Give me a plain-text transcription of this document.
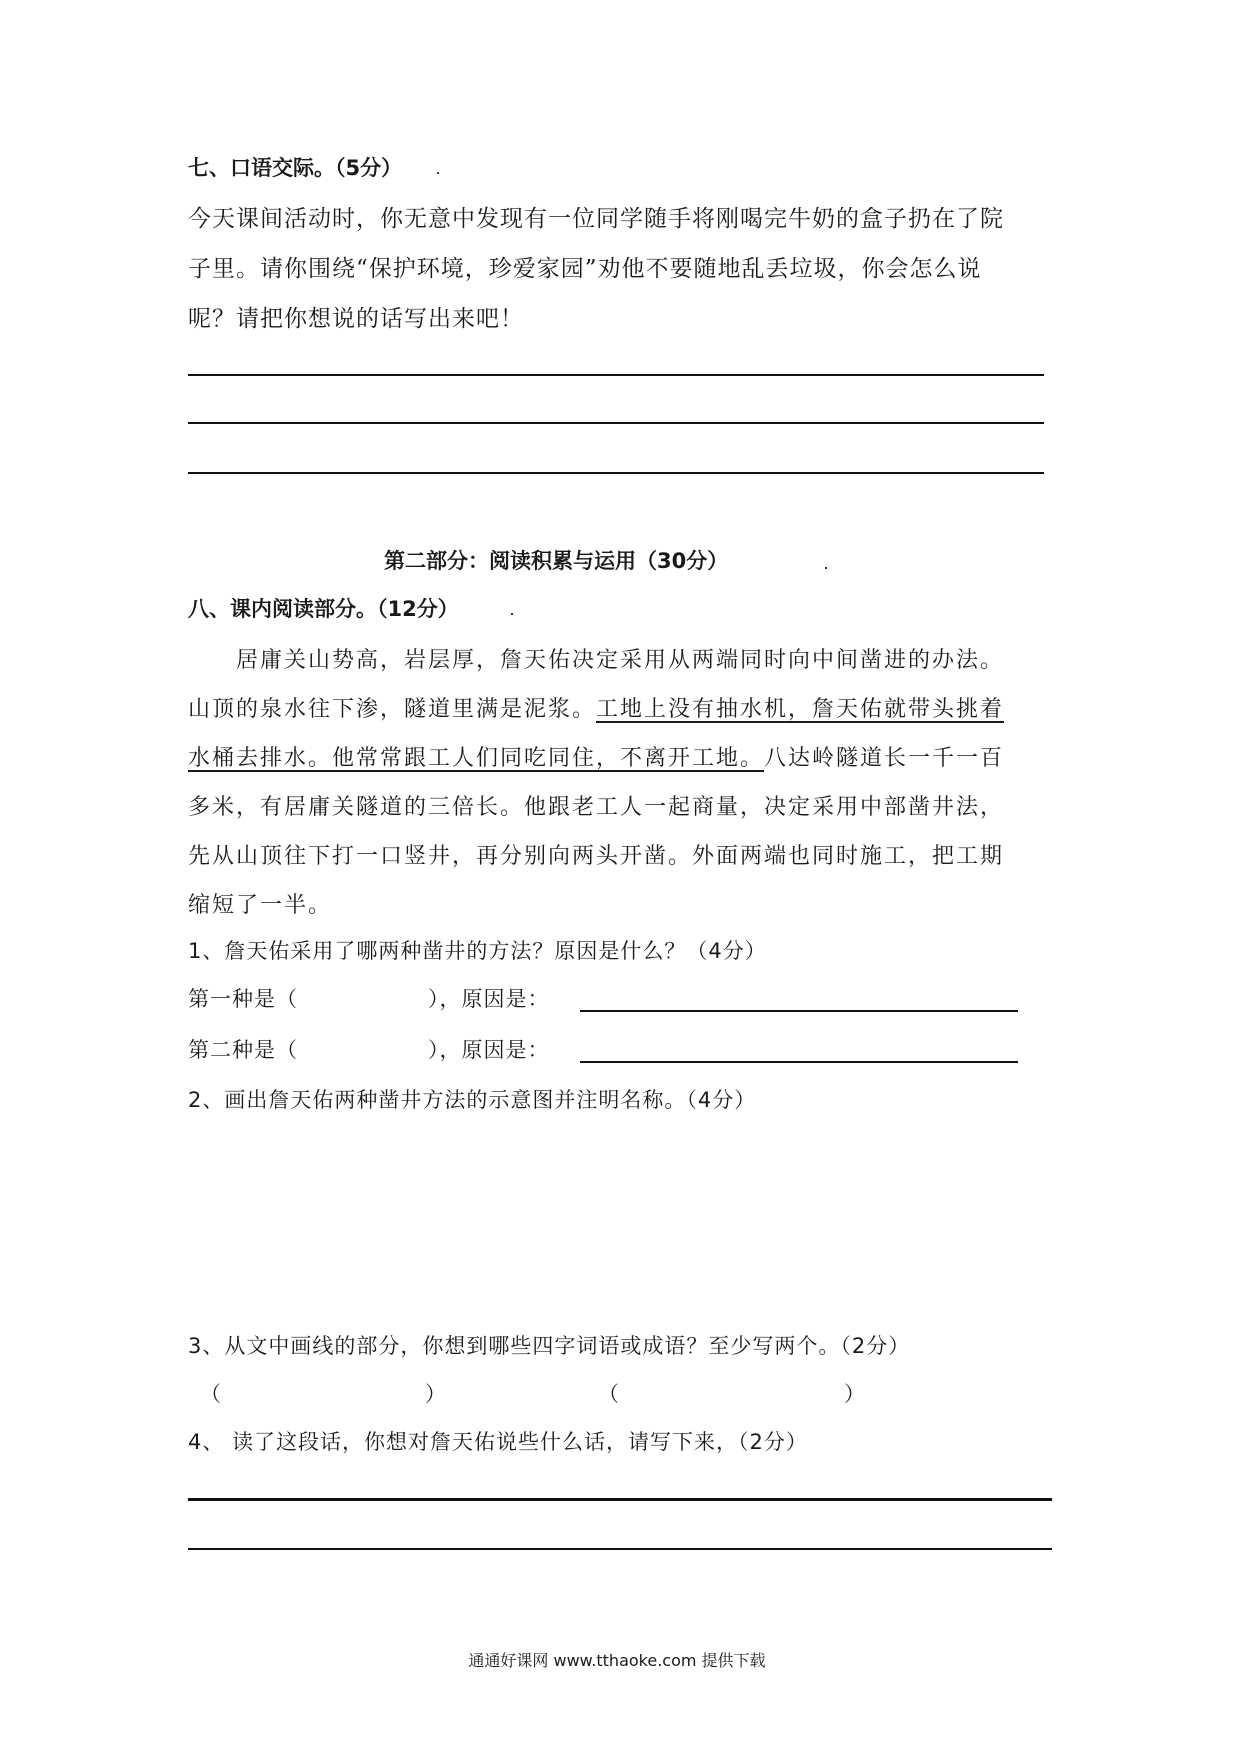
七、口语交际。（5分）
今天课间活动时，你无意中发现有一位同学随手将刚喝完牛奶的盒子扔在了院
子里。请你围绕“保护环境，珍爱家园”劝他不要随地乱丢垃圾，你会怎么说
呢？请把你想说的话写出来吧！
第二部分：阅读积累与运用（30分）
八、课内阅读部分。（12分）
居庸关山势高，岩层厚，詹天佑决定采用从两端同时向中间凿进的办法。
山顶的泉水往下渗，隧道里满是泥浆。工地上没有抽水机，詹天佑就带头挑着
水桶去排水。他常常跟工人们同吃同住，不离开工地。八达岭隧道长一千一百
多米，有居庸关隧道的三倍长。他跟老工人一起商量，决定采用中部凿井法，
先从山顶往下打一口竖井，再分别向两头开凿。外面两端也同时施工，把工期
缩短了一半。
1、詹天佑采用了哪两种凿井的方法？原因是什么？（4分）
第一种是（	），原因是：
第二种是（	），原因是：
2、画出詹天佑两种凿井方法的示意图并注明名称。（4分）
3、从文中画线的部分，你想到哪些四字词语或成语？至少写两个。（2分）
（	）	（	）
4、 读了这段话，你想对詹天佑说些什么话，请写下来，（2分）
通通好课网 www.tthaoke.com 提供下载
